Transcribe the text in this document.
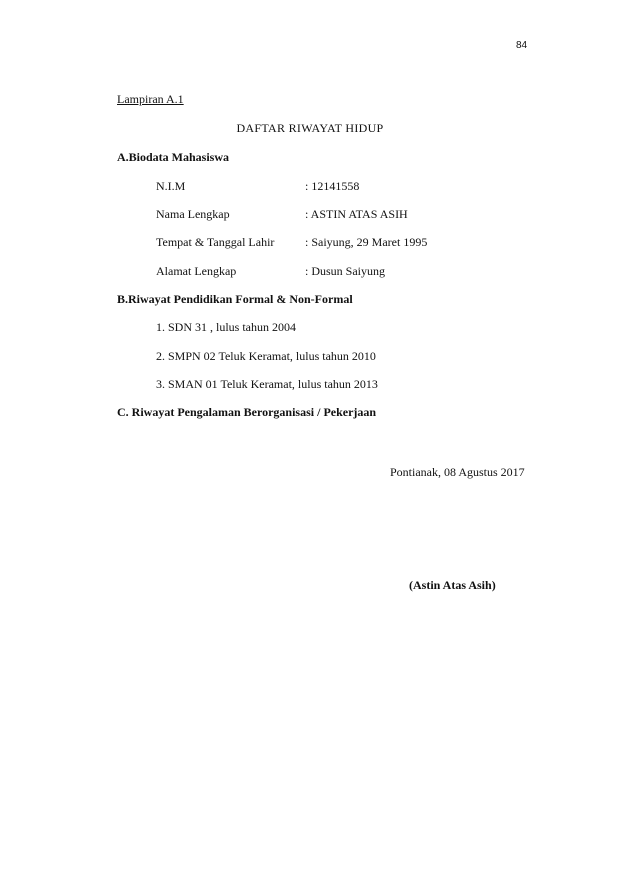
84
Lampiran A.1
DAFTAR RIWAYAT HIDUP
A.Biodata Mahasiswa
N.I.M	: 12141558
Nama Lengkap	: ASTIN ATAS ASIH
Tempat & Tanggal Lahir	: Saiyung, 29 Maret 1995
Alamat Lengkap	: Dusun Saiyung
B.Riwayat Pendidikan Formal & Non-Formal
1. SDN 31 , lulus tahun 2004
2. SMPN 02 Teluk Keramat, lulus tahun 2010
3. SMAN 01 Teluk Keramat, lulus tahun 2013
C. Riwayat Pengalaman Berorganisasi / Pekerjaan
Pontianak, 08 Agustus 2017
(Astin Atas Asih)
